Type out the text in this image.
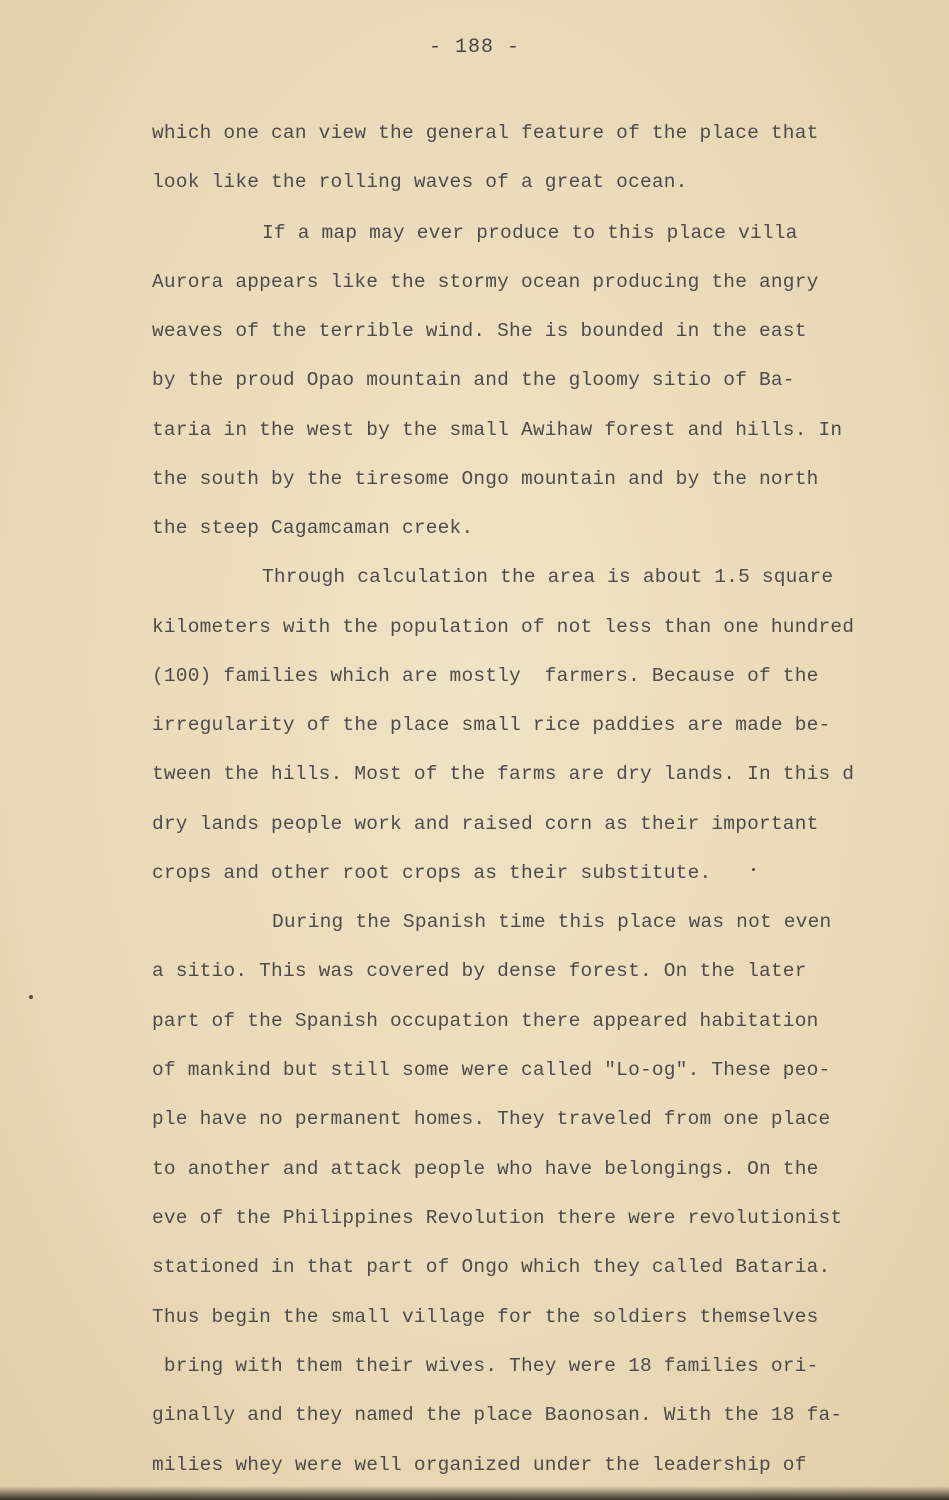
- 188 -
which one can view the general feature of the place that
look like the rolling waves of a great ocean.
If a map may ever produce to this place villa
Aurora appears like the stormy ocean producing the angry
weaves of the terrible wind. She is bounded in the east
by the proud Opao mountain and the gloomy sitio of Ba-
taria in the west by the small Awihaw forest and hills. In
the south by the tiresome Ongo mountain and by the north
the steep Cagamcaman creek.
Through calculation the area is about 1.5 square
kilometers with the population of not less than one hundred
(100) families which are mostly  farmers. Because of the
irregularity of the place small rice paddies are made be-
tween the hills. Most of the farms are dry lands. In this d
dry lands people work and raised corn as their important
crops and other root crops as their substitute.
During the Spanish time this place was not even
a sitio. This was covered by dense forest. On the later
part of the Spanish occupation there appeared habitation
of mankind but still some were called "Lo-og". These peo-
ple have no permanent homes. They traveled from one place
to another and attack people who have belongings. On the
eve of the Philippines Revolution there were revolutionist
stationed in that part of Ongo which they called Bataria.
Thus begin the small village for the soldiers themselves
bring with them their wives. They were 18 families ori-
ginally and they named the place Baonosan. With the 18 fa-
milies whey were well organized under the leadership of
